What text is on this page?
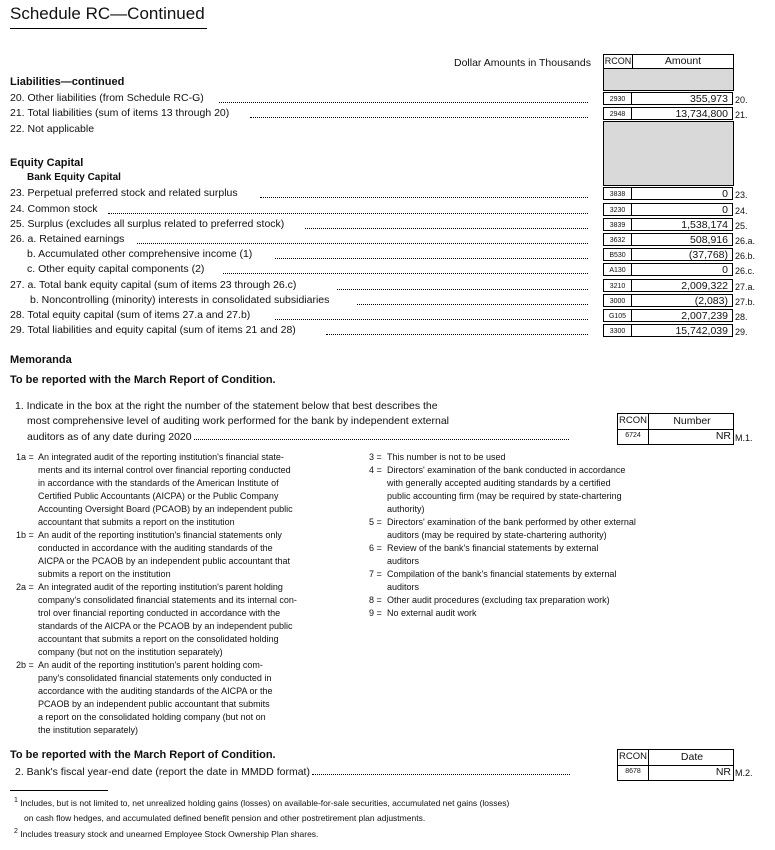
Schedule RC—Continued
Dollar Amounts in Thousands RCON	Amount
Liabilities—continued
20. Other liabilities (from Schedule RC-G)	2930	355,973 20.
21. Total liabilities (sum of items 13 through 20)	2948	13,734,800 21.
22. Not applicable
Equity Capital
Bank Equity Capital
23. Perpetual preferred stock and related surplus	3838	0 23.
24. Common stock	3230	0 24.
25. Surplus (excludes all surplus related to preferred stock)	3839	1,538,174 25.
26. a. Retained earnings	3632	508,916 26.a.
b. Accumulated other comprehensive income (1)	B530	(37,768) 26.b.
c. Other equity capital components (2)	A130	0 26.c.
27. a. Total bank equity capital (sum of items 23 through 26.c)	3210	2,009,322 27.a.
b. Noncontrolling (minority) interests in consolidated subsidiaries	3000	(2,083) 27.b.
28. Total equity capital (sum of items 27.a and 27.b)	G105	2,007,239 28.
29. Total liabilities and equity capital (sum of items 21 and 28)	3300	15,742,039 29.
Memoranda
To be reported with the March Report of Condition.
1. Indicate in the box at the right the number of the statement below that best describes the
most comprehensive level of auditing work performed for the bank by independent external
auditors as of any date during 2020
RCON	Number
6724	NR M.1.
1a = An integrated audit of the reporting institution's financial state-
ments and its internal control over financial reporting conducted
in accordance with the standards of the American Institute of
Certified Public Accountants (AICPA) or the Public Company
Accounting Oversight Board (PCAOB) by an independent public
accountant that submits a report on the institution
1b = An audit of the reporting institution's financial statements only
conducted in accordance with the auditing standards of the
AICPA or the PCAOB by an independent public accountant that
submits a report on the institution
2a = An integrated audit of the reporting institution's parent holding
company's consolidated financial statements and its internal con-
trol over financial reporting conducted in accordance with the
standards of the AICPA or the PCAOB by an independent public
accountant that submits a report on the consolidated holding
company (but not on the institution separately)
2b = An audit of the reporting institution's parent holding com-
pany's consolidated financial statements only conducted in
accordance with the auditing standards of the AICPA or the
PCAOB by an independent public accountant that submits
a report on the consolidated holding company (but not on
the institution separately)
3 = This number is not to be used
4 = Directors' examination of the bank conducted in accordance
with generally accepted auditing standards by a certified
public accounting firm (may be required by state-chartering
authority)
5 = Directors' examination of the bank performed by other external
auditors (may be required by state-chartering authority)
6 = Review of the bank's financial statements by external
auditors
7 = Compilation of the bank's financial statements by external
auditors
8 = Other audit procedures (excluding tax preparation work)
9 = No external audit work
To be reported with the March Report of Condition.
2. Bank's fiscal year-end date (report the date in MMDD format)
RCON	Date
8678	NR M.2.
$^1$ Includes, but is not limited to, net unrealized holding gains (losses) on available-for-sale securities, accumulated net gains (losses)
on cash flow hedges, and accumulated defined benefit pension and other postretirement plan adjustments.
$^2$ Includes treasury stock and unearned Employee Stock Ownership Plan shares.
